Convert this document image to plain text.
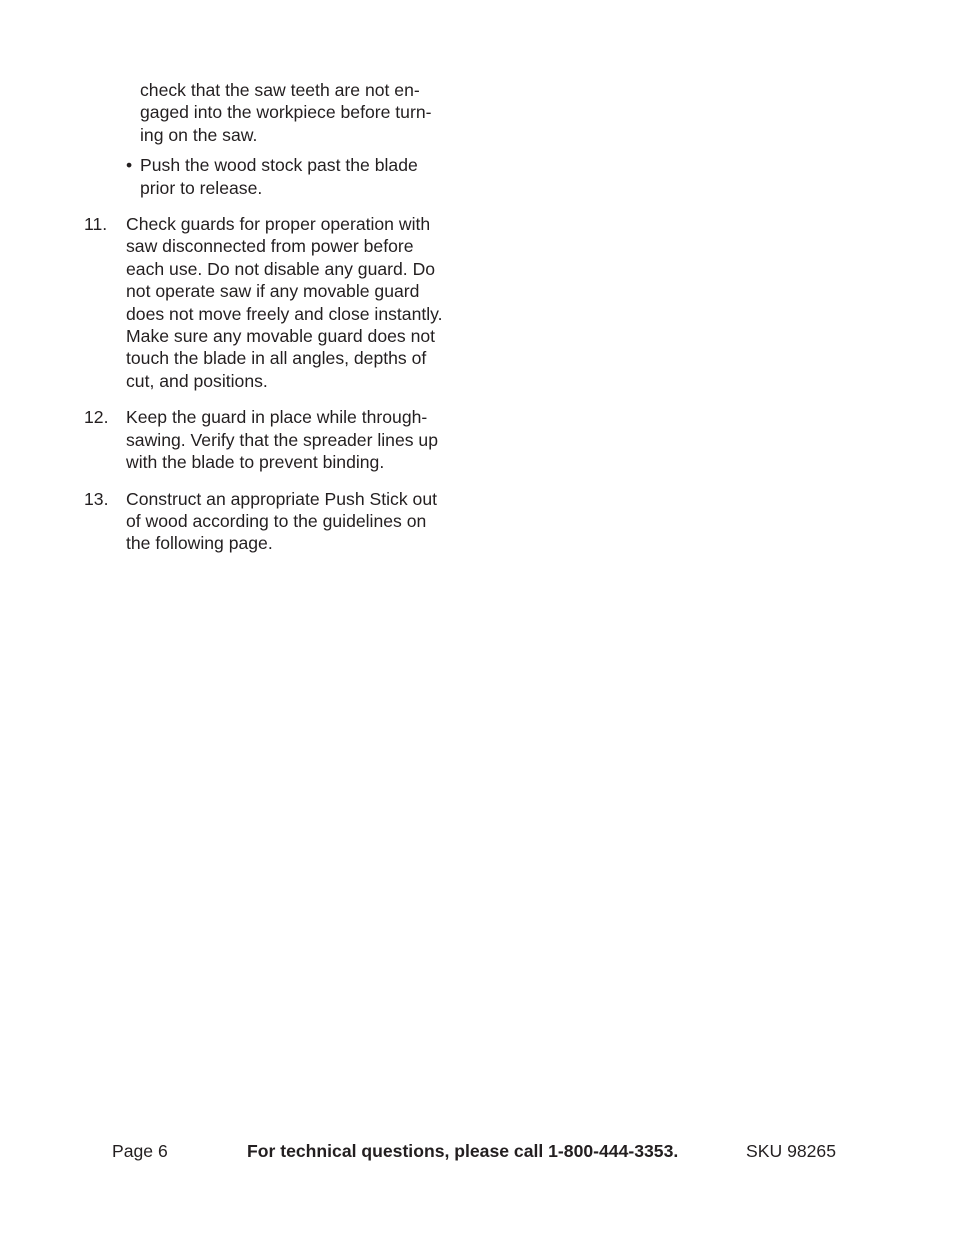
check that the saw teeth are not en-
gaged into the workpiece before turn-
ing on the saw.
• Push the wood stock past the blade
prior to release.
11.	Check guards for proper operation with
saw disconnected from power before
each use. Do not disable any guard. Do
not operate saw if any movable guard
does not move freely and close instantly.
Make sure any movable guard does not
touch the blade in all angles, depths of
cut, and positions.
12. Keep the guard in place while through-
sawing. Verify that the spreader lines up
with the blade to prevent binding.
13. Construct an appropriate Push Stick out
of wood according to the guidelines on
the following page.
Page 6	For technical questions, please call 1-800-444-3353.	SKU 98265
